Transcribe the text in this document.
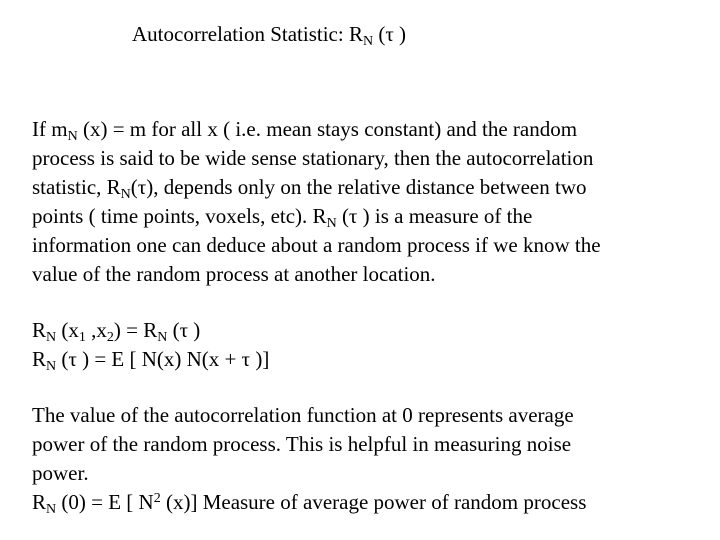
Autocorrelation Statistic: $R_N$ (τ )
If $m_N$ (x) = m for all x ( i.e. mean stays constant) and the random
process is said to be wide sense stationary, then the autocorrelation
statistic, $R_N(\tau)$, depends only on the relative distance between two
points ( time points, voxels, etc). $R_N$ (τ ) is a measure of the
information one can deduce about a random process if we know the
value of the random process at another location.
$R_N$ ($x_1$ $,x_2) = R_N$ (τ )
$R_N$ (τ ) = E [ N(x) N(x + τ )]
The value of the autocorrelation function at 0 represents average
power of the random process. This is helpful in measuring noise
power.
$R_N$ (0) = E [ $N^2$ (x)] Measure of average power of random process
